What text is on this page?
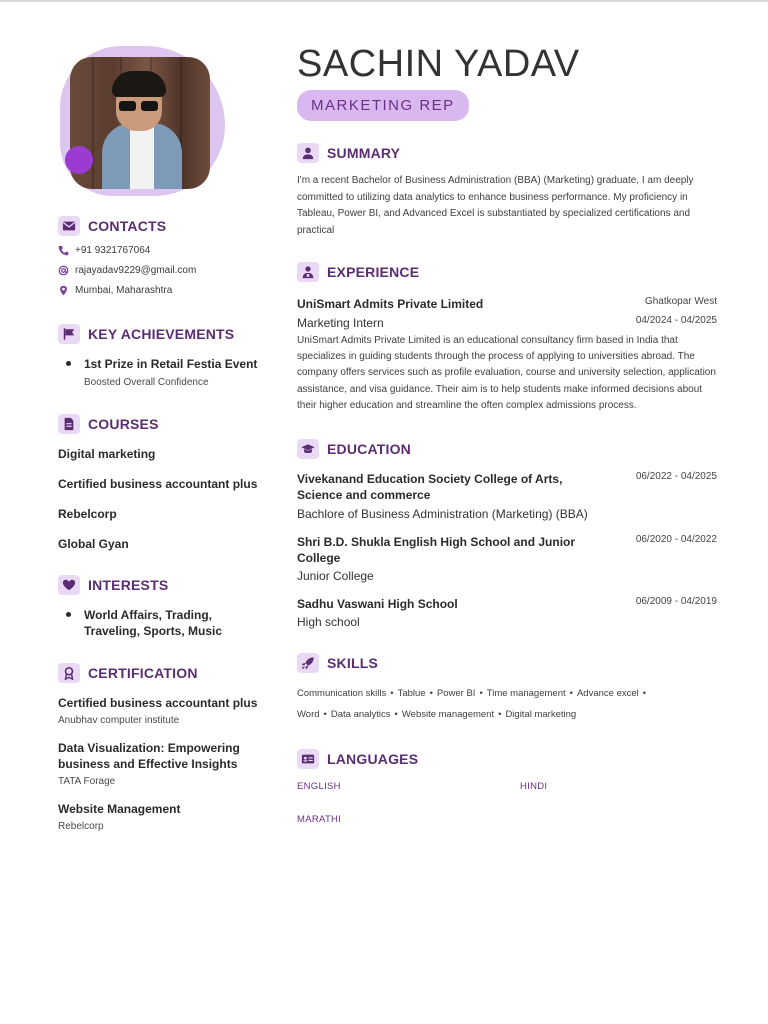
CONTACTS
+91 9321767064
rajayadav9229@gmail.com
Mumbai, Maharashtra
KEY ACHIEVEMENTS
1st Prize in Retail Festia Event
Boosted Overall Confidence
COURSES
Digital marketing
Certified business accountant plus
Rebelcorp
Global Gyan
INTERESTS
World Affairs, Trading, Traveling, Sports, Music
CERTIFICATION
Certified business accountant plus
Anubhav computer institute
Data Visualization: Empowering business and Effective Insights
TATA Forage
Website Management
Rebelcorp
SACHIN YADAV
MARKETING REP
SUMMARY
I'm a recent Bachelor of Business Administration (BBA) (Marketing) graduate, I am deeply committed to utilizing data analytics to enhance business performance. My proficiency in Tableau, Power BI, and Advanced Excel is substantiated by specialized certifications and practical
EXPERIENCE
UniSmart Admits Private Limited	Ghatkopar West
Marketing Intern	04/2024 - 04/2025
UniSmart Admits Private Limited is an educational consultancy firm based in India that specializes in guiding students through the process of applying to universities abroad. The company offers services such as profile evaluation, course and university selection, application assistance, and visa guidance. Their aim is to help students make informed decisions about their higher education and streamline the often complex admissions process.
EDUCATION
Vivekanand Education Society College of Arts, Science and commerce
06/2022 - 04/2025
Bachlore of Business Administration (Marketing) (BBA)
Shri B.D. Shukla English High School and Junior College
06/2020 - 04/2022
Junior College
Sadhu Vaswani High School	06/2009 - 04/2019
High school
SKILLS
Communication skills • Tablue • Power BI • Time management • Advance excel •
Word • Data analytics • Website management • Digital marketing
LANGUAGES
ENGLISH	HINDI
MARATHI
